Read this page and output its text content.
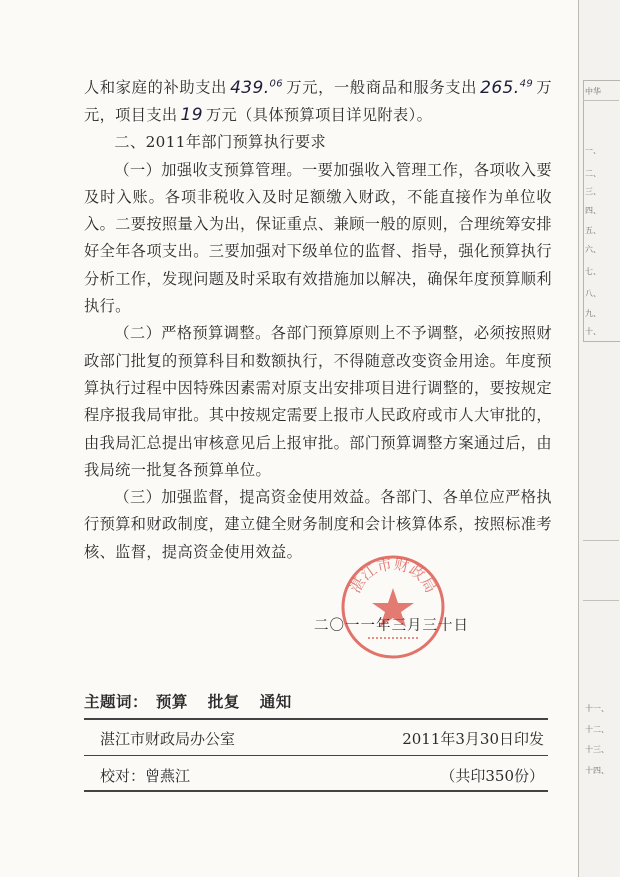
人和家庭的补助支出 439.06 万元，一般商品和服务支出 265.49 万元，项目支出 19 万元（具体预算项目详见附表）。

二、2011年部门预算执行要求

（一）加强收支预算管理。一要加强收入管理工作，各项收入要及时入账。各项非税收入及时足额缴入财政，不能直接作为单位收入。二要按照量入为出，保证重点、兼顾一般的原则，合理统筹安排好全年各项支出。三要加强对下级单位的监督、指导，强化预算执行分析工作，发现问题及时采取有效措施加以解决，确保年度预算顺利执行。

（二）严格预算调整。各部门预算原则上不予调整，必须按照财政部门批复的预算科目和数额执行，不得随意改变资金用途。年度预算执行过程中因特殊因素需对原支出安排项目进行调整的，要按规定程序报我局审批。其中按规定需要上报市人民政府或市人大审批的，由我局汇总提出审核意见后上报审批。部门预算调整方案通过后，由我局统一批复各预算单位。

（三）加强监督，提高资金使用效益。各部门、各单位应严格执行预算和财政制度，建立健全财务制度和会计核算体系，按照标准考核、监督，提高资金使用效益。

湛江市财政局
二〇一一年三月三十日
主题词： 预算 批复 通知
湛江市财政局办公室	2011年3月30日印发
校对：曾燕江	（共印350份）
中华
一、
二、
三、
四、
五、
六、
七、
八、
九、
十、
十一、
十二、
十三、
十四、
